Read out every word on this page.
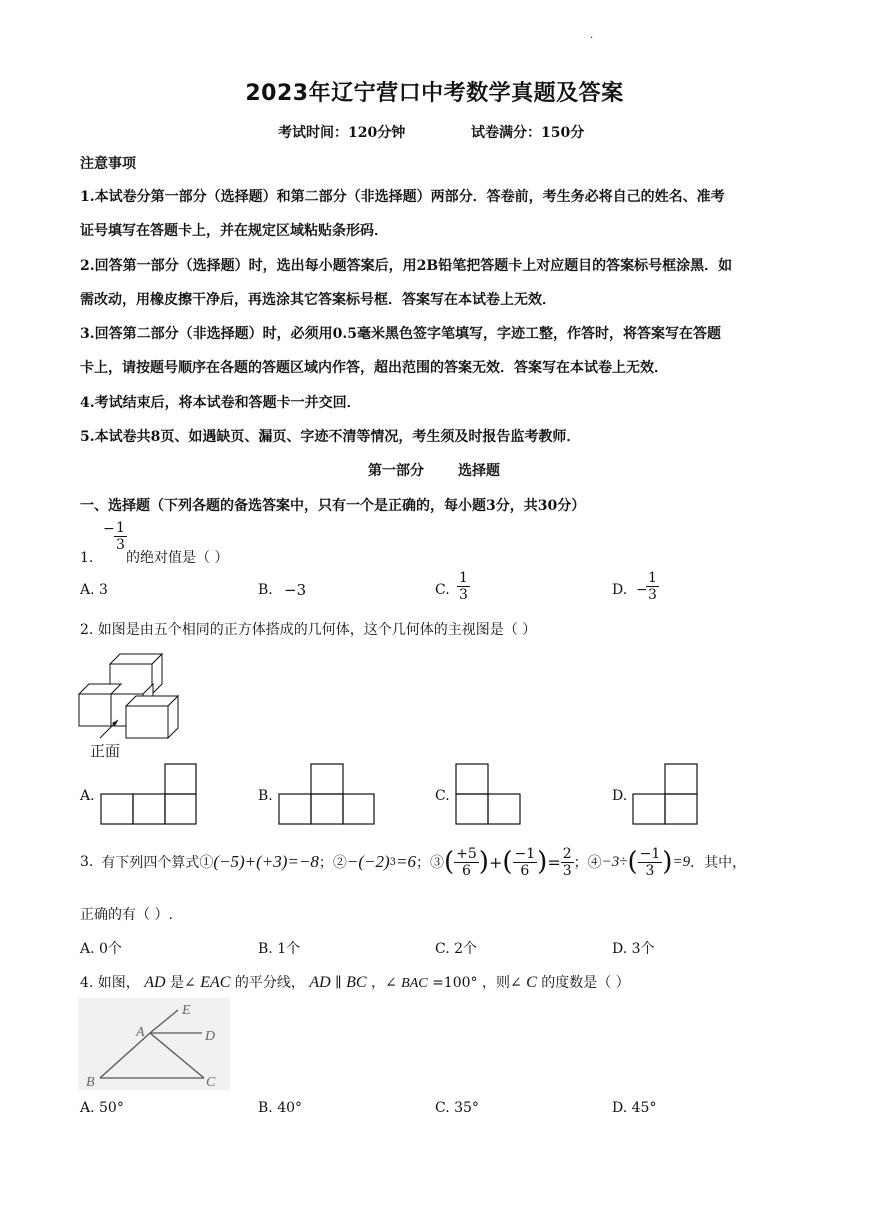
.
2023年辽宁营口中考数学真题及答案
考试时间：120分钟	试卷满分：150分
注意事项
1.本试卷分第一部分（选择题）和第二部分（非选择题）两部分．答卷前，考生务必将自己的姓名、准考
证号填写在答题卡上，并在规定区域粘贴条形码．
2.回答第一部分（选择题）时，选出每小题答案后，用2B铅笔把答题卡上对应题目的答案标号框涂黑．如
需改动，用橡皮擦干净后，再选涂其它答案标号框．答案写在本试卷上无效．
3.回答第二部分（非选择题）时，必须用0.5毫米黑色签字笔填写，字迹工整，作答时，将答案写在答题
卡上，请按题号顺序在各题的答题区域内作答，超出范围的答案无效．答案写在本试卷上无效．
4.考试结束后，将本试卷和答题卡一并交回．
5.本试卷共8页、如遇缺页、漏页、字迹不清等情况，考生须及时报告监考教师．
第一部分 选择题
一、选择题（下列各题的备选答案中，只有一个是正确的，每小题3分，共30分）
1.
− $\frac{1}{3}$
的绝对值是（ ）
A. 3	B. −3	C. $\frac{1}{3}$	D. −
$\frac{1}{3}$
2. 如图是由五个相同的正方体搭成的几何体，这个几何体的主视图是（ ）
正面
A.	B.	C.	D.
3. 有下列四个算式① (−5)+(+3)=−8 ；② −(−2) 3 =6 ；③ ( $\frac{+5}{6}$ ) + ( $\frac{-1}{6}$ ) = $\frac{2}{3}$ ；④ −3÷ ( $\frac{-1}{3}$ ) =9 ．其中，
正确的有（ ）.
A. 0个	B. 1个	C. 2个	D. 3个
4. 如图， AD 是∠ EAC 的平分线， AD ∥ BC ，∠ BAC =100° ，则∠ C 的度数是（ ）
A
B	C
D
E
A. 50°	B. 40°	C. 35°	D. 45°
